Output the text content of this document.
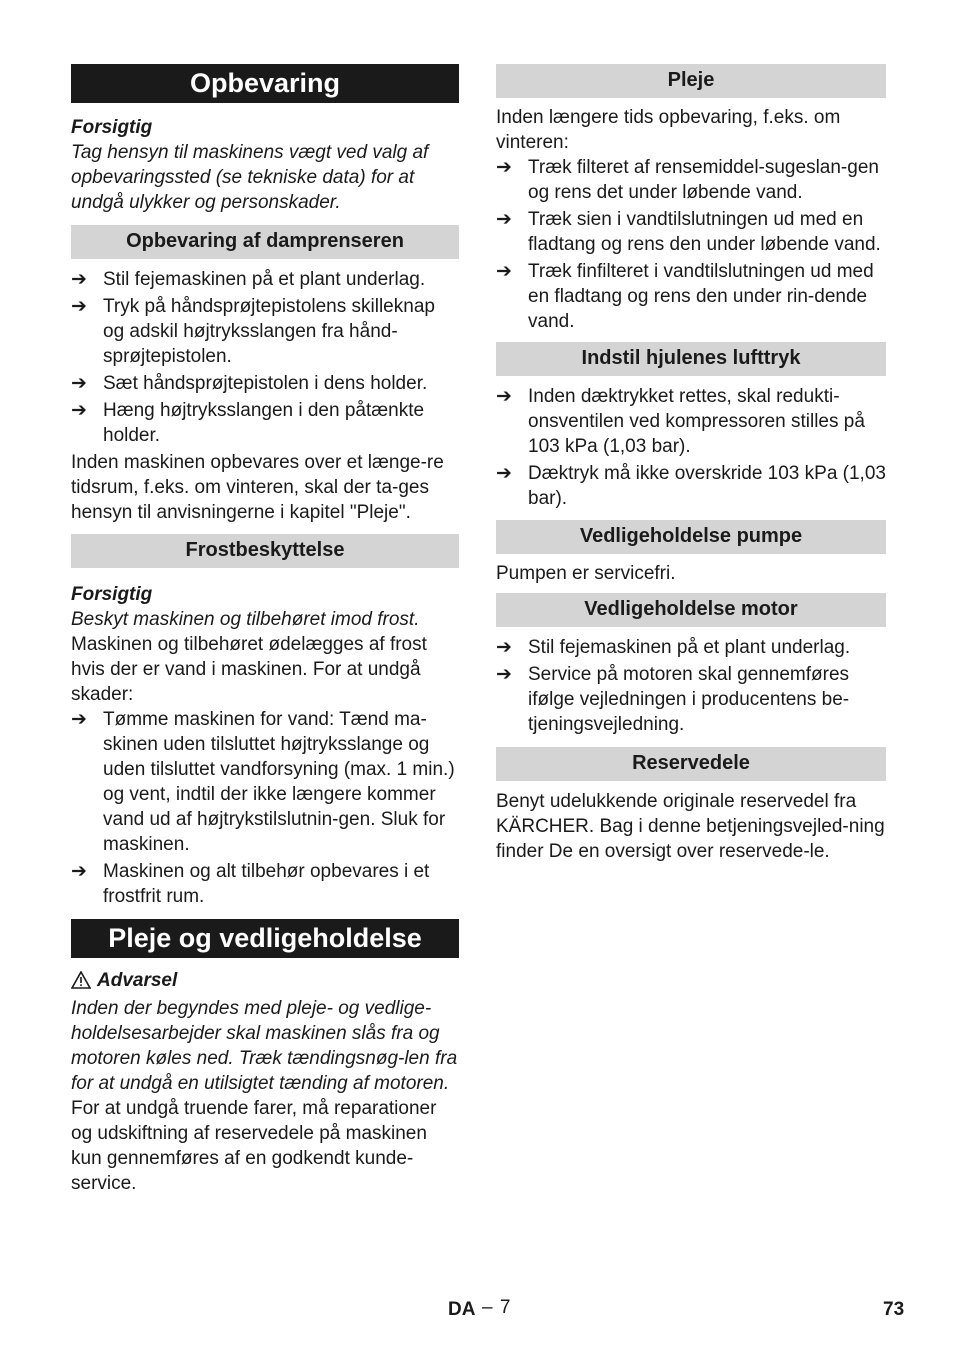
Opbevaring

Forsigtig

Tag hensyn til maskinens vægt ved valg af opbevaringssted (se tekniske data) for at undgå ulykker og personskader.

Opbevaring af damprenseren
➔ Stil fejemaskinen på et plant underlag.
➔ Tryk på håndsprøjtepistolens skilleknap og adskil højtryksslangen fra hånd-sprøjtepistolen.
➔ Sæt håndsprøjtepistolen i dens holder.
➔ Hæng højtryksslangen i den påtænkte holder.

Inden maskinen opbevares over et længe-re tidsrum, f.eks. om vinteren, skal der ta-ges hensyn til anvisningerne i kapitel "Pleje".

Frostbeskyttelse

Forsigtig

Beskyt maskinen og tilbehøret imod frost.

Maskinen og tilbehøret ødelægges af frost hvis der er vand i maskinen. For at undgå skader:

➔ Tømme maskinen for vand: Tænd ma-skinen uden tilsluttet højtryksslange og uden tilsluttet vandforsyning (max. 1 min.) og vent, indtil der ikke længere kommer vand ud af højtrykstilslutnin-gen. Sluk for maskinen.
➔ Maskinen og alt tilbehør opbevares i et frostfrit rum.
Pleje og vedligeholdelse

Advarsel

Inden der begyndes med pleje- og vedlige-holdelsesarbejder skal maskinen slås fra og motoren køles ned. Træk tændingsnøg-len fra for at undgå en utilsigtet tænding af motoren.

For at undgå truende farer, må reparationer og udskiftning af reservedele på maskinen kun gennemføres af en godkendt kunde-service.

Pleje

Inden længere tids opbevaring, f.eks. om vinteren:

➔ Træk filteret af rensemiddel-sugeslan-gen og rens det under løbende vand.
➔ Træk sien i vandtilslutningen ud med en fladtang og rens den under løbende vand.
➔ Træk finfilteret i vandtilslutningen ud med en fladtang og rens den under rin-dende vand.
Indstil hjulenes lufttryk
➔ Inden dæktrykket rettes, skal redukti-onsventilen ved kompressoren stilles på 103 kPa (1,03 bar).
➔ Dæktryk må ikke overskride 103 kPa (1,03 bar).
Vedligeholdelse pumpe

Pumpen er servicefri.

Vedligeholdelse motor
➔ Stil fejemaskinen på et plant underlag.
➔ Service på motoren skal gennemføres ifølge vejledningen i producentens be-tjeningsvejledning.
Reservedele

Benyt udelukkende originale reservedel fra KÄRCHER. Bag i denne betjeningsvejled-ning finder De en oversigt over reservede-le.

DA – 7	73
